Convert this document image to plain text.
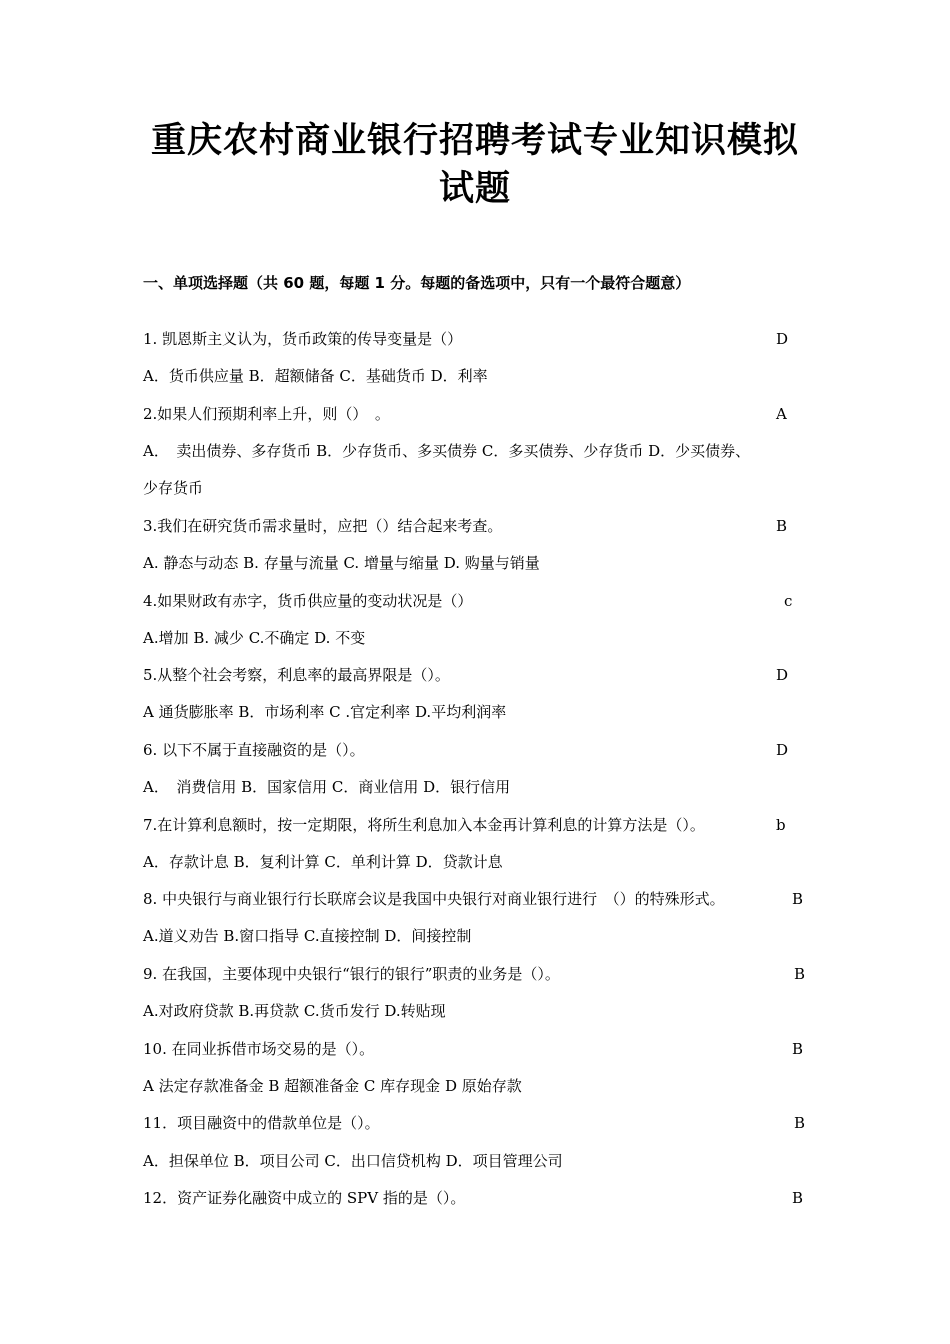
重庆农村商业银行招聘考试专业知识模拟
试题
一、单项选择题（共 60 题，每题 1 分。每题的备选项中，只有一个最符合题意）
1. 凯恩斯主义认为，货币政策的传导变量是（）	D
A．货币供应量 B．超额储备 C．基础货币 D．利率
2.如果人们预期利率上升，则（）　。	A
A．　卖出债券、多存货币 B．少存货币、多买债券 C．多买债券、少存货币 D．少买债券、
少存货币
3.我们在研究货币需求量时，应把（）结合起来考查。	B
A. 静态与动态 B. 存量与流量 C. 增量与缩量 D. 购量与销量
4.如果财政有赤字，货币供应量的变动状况是（）	c
A.增加 B. 减少 C.不确定 D. 不变
5.从整个社会考察，利息率的最高界限是（）。	D
A 通货膨胀率 B．市场利率 C .官定利率 D.平均利润率
6. 以下不属于直接融资的是（）。	D
A．　消费信用 B．国家信用 C．商业信用 D．银行信用
7.在计算利息额时，按一定期限，将所生利息加入本金再计算利息的计算方法是（）。	b
A．存款计息 B．复利计算 C．单利计算 D．贷款计息
8. 中央银行与商业银行行长联席会议是我国中央银行对商业银行进行　（）的特殊形式。	B
A.道义劝告 B.窗口指导 C.直接控制 D．间接控制
9. 在我国，主要体现中央银行“银行的银行”职责的业务是（）。	B
A.对政府贷款 B.再贷款 C.货币发行 D.转贴现
10. 在同业拆借市场交易的是（）。	B
A 法定存款准备金 B 超额准备金 C 库存现金 D 原始存款
11．项目融资中的借款单位是（）。	B
A．担保单位 B．项目公司 C．出口信贷机构 D．项目管理公司
12．资产证券化融资中成立的 SPV 指的是（）。	B
